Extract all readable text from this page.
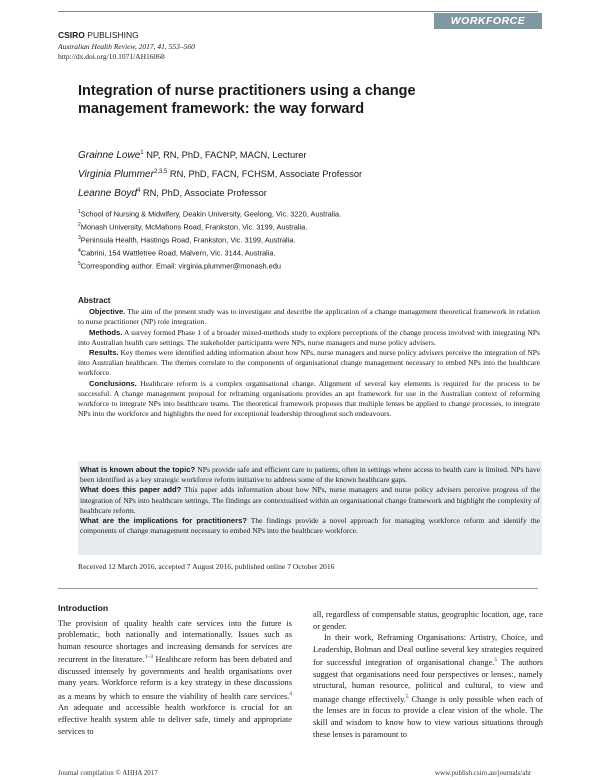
WORKFORCE
CSIRO PUBLISHING
Australian Health Review, 2017, 41, 553–560
http://dx.doi.org/10.1071/AH16068
Integration of nurse practitioners using a change management framework: the way forward
Grainne Lowe$^1$ NP, RN, PhD, FACNP, MACN, Lecturer
Virginia Plummer$^{2,3,5}$ RN, PhD, FACN, FCHSM, Associate Professor
Leanne Boyd$^4$ RN, PhD, Associate Professor
$^1$School of Nursing & Midwifery, Deakin University, Geelong, Vic. 3220, Australia.
$^2$Monash University, McMahons Road, Frankston, Vic. 3199, Australia.
$^3$Peninsula Health, Hastings Road, Frankston, Vic. 3199, Australia.
$^4$Cabrini, 154 Wattletree Road, Malvern, Vic. 3144, Australia.
$^5$Corresponding author. Email: virginia.plummer@monash.edu
Abstract

Objective. The aim of the present study was to investigate and describe the application of a change management theoretical framework in relation to nurse practitioner (NP) role integration.

Methods. A survey formed Phase 1 of a broader mixed-methods study to explore perceptions of the change process involved with integrating NPs into Australian health care settings. The stakeholder participants were NPs, nurse managers and nurse policy advisers.

Results. Key themes were identified adding information about how NPs, nurse managers and nurse policy advisers perceive the integration of NPs into Australian healthcare. The themes correlate to the components of organisational change management necessary to embed NPs into the healthcare workforce.

Conclusions. Healthcare reform is a complex organisational change. Alignment of several key elements is required for the process to be successful. A change management proposal for reframing organisations provides an apt framework for use in the Australian context of reforming workforce to integrate NPs into healthcare teams. The theoretical framework proposes that multiple lenses be applied to change processes, to integrate NPs into the workforce and highlights the need for exceptional leadership throughout such endeavours.

What is known about the topic? NPs provide safe and efficient care to patients, often in settings where access to health care is limited. NPs have been identified as a key strategic workforce reform initiative to address some of the known healthcare gaps.

What does this paper add? This paper adds information about how NPs, nurse managers and nurse policy advisers perceive progress of the integration of NPs into healthcare settings. The findings are contextualised within an organisational change framework and highlight the complexity of healthcare reform.

What are the implications for practitioners? The findings provide a novel approach for managing workforce reform and identify the components of change management necessary to embed NPs into the healthcare workforce.

Received 12 March 2016, accepted 7 August 2016, published online 7 October 2016
Introduction

The provision of quality health care services into the future is problematic, both nationally and internationally. Issues such as human resource shortages and increasing demands for services are recurrent in the literature.$^{1-3}$ Healthcare reform has been debated and discussed intensely by governments and health organisations over many years. Workforce reform is a key strategy in these discussions as a means by which to ensure the viability of health care services.$^4$ An adequate and accessible health workforce is crucial for an effective health system able to deliver safe, timely and appropriate services to

all, regardless of compensable status, geographic location, age, race or gender.

In their work, Reframing Organisations: Artistry, Choice, and Leadership, Bolman and Deal outline several key strategies required for successful integration of organisational change.$^5$ The authors suggest that organisations need four perspectives or lenses:, namely structural, human resource, political and cultural, to view and manage change effectively.$^5$ Change is only possible when each of the lenses are in focus to provide a clear vision of the whole. The skill and wisdom to know how to view various situations through these lenses is paramount to

Journal compilation © AHHA 2017	www.publish.csiro.au/journals/ahr
